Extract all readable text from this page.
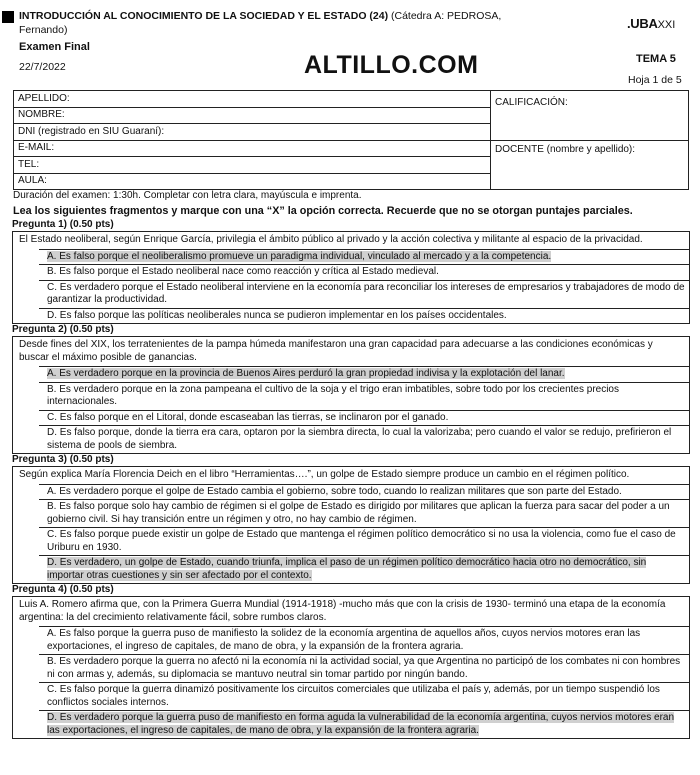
INTRODUCCIÓN AL CONOCIMIENTO DE LA SOCIEDAD Y EL ESTADO (24) (Cátedra A: PEDROSA, Fernando)
Examen Final
22/7/2022	ALTILLO.COM
.UBAXXI
TEMA 5
Hoja 1 de 5
APELLIDO:	CALIFICACIÓN:
NOMBRE:	
DNI (registrado en SIU Guaraní):	
E-MAIL:	DOCENTE (nombre y apellido):
TEL:	
AULA:	
Duración del examen: 1:30h. Completar con letra clara, mayúscula e imprenta.
Lea los siguientes fragmentos y marque con una “X” la opción correcta. Recuerde que no se otorgan puntajes parciales.
Pregunta 1) (0.50 pts)
El Estado neoliberal, según Enrique García, privilegia el ámbito público al privado y la acción colectiva y militante al espacio de la privacidad.
A. Es falso porque el neoliberalismo promueve un paradigma individual, vinculado al mercado y a la competencia.
B. Es falso porque el Estado neoliberal nace como reacción y crítica al Estado medieval.
C. Es verdadero porque el Estado neoliberal interviene en la economía para reconciliar los intereses de empresarios y trabajadores de modo de garantizar la productividad.
D. Es falso porque las políticas neoliberales nunca se pudieron implementar en los países occidentales.
Pregunta 2) (0.50 pts)
Desde fines del XIX, los terratenientes de la pampa húmeda manifestaron una gran capacidad para adecuarse a las condiciones económicas y buscar el máximo posible de ganancias.
A. Es verdadero porque en la provincia de Buenos Aires perduró la gran propiedad indivisa y la explotación del lanar.
B. Es verdadero porque en la zona pampeana el cultivo de la soja y el trigo eran imbatibles, sobre todo por los crecientes precios internacionales.
C. Es falso porque en el Litoral, donde escaseaban las tierras, se inclinaron por el ganado.
D. Es falso porque, donde la tierra era cara, optaron por la siembra directa, lo cual la valorizaba; pero cuando el valor se redujo, prefirieron el sistema de pools de siembra.
Pregunta 3) (0.50 pts)
Según explica María Florencia Deich en el libro “Herramientas….”, un golpe de Estado siempre produce un cambio en el régimen político.
A. Es verdadero porque el golpe de Estado cambia el gobierno, sobre todo, cuando lo realizan militares que son parte del Estado.
B. Es falso porque solo hay cambio de régimen si el golpe de Estado es dirigido por militares que aplican la fuerza para sacar del poder a un gobierno civil. Si hay transición entre un régimen y otro, no hay cambio de régimen.
C. Es falso porque puede existir un golpe de Estado que mantenga el régimen político democrático si no usa la violencia, como fue el caso de Uriburu en 1930.
D. Es verdadero, un golpe de Estado, cuando triunfa, implica el paso de un régimen político democrático hacia otro no democrático, sin importar otras cuestiones y sin ser afectado por el contexto.
Pregunta 4) (0.50 pts)
Luis A. Romero afirma que, con la Primera Guerra Mundial (1914-1918) -mucho más que con la crisis de 1930- terminó una etapa de la economía argentina: la del crecimiento relativamente fácil, sobre rumbos claros.
A. Es falso porque la guerra puso de manifiesto la solidez de la economía argentina de aquellos años, cuyos nervios motores eran las exportaciones, el ingreso de capitales, de mano de obra, y la expansión de la frontera agraria.
B. Es verdadero porque la guerra no afectó ni la economía ni la actividad social, ya que Argentina no participó de los combates ni con hombres ni con armas y, además, su diplomacia se mantuvo neutral sin tomar partido por ningún bando.
C. Es falso porque la guerra dinamizó positivamente los circuitos comerciales que utilizaba el país y, además, por un tiempo suspendió los conflictos sociales internos.
D. Es verdadero porque la guerra puso de manifiesto en forma aguda la vulnerabilidad de la economía argentina, cuyos nervios motores eran las exportaciones, el ingreso de capitales, de mano de obra, y la expansión de la frontera agraria.
